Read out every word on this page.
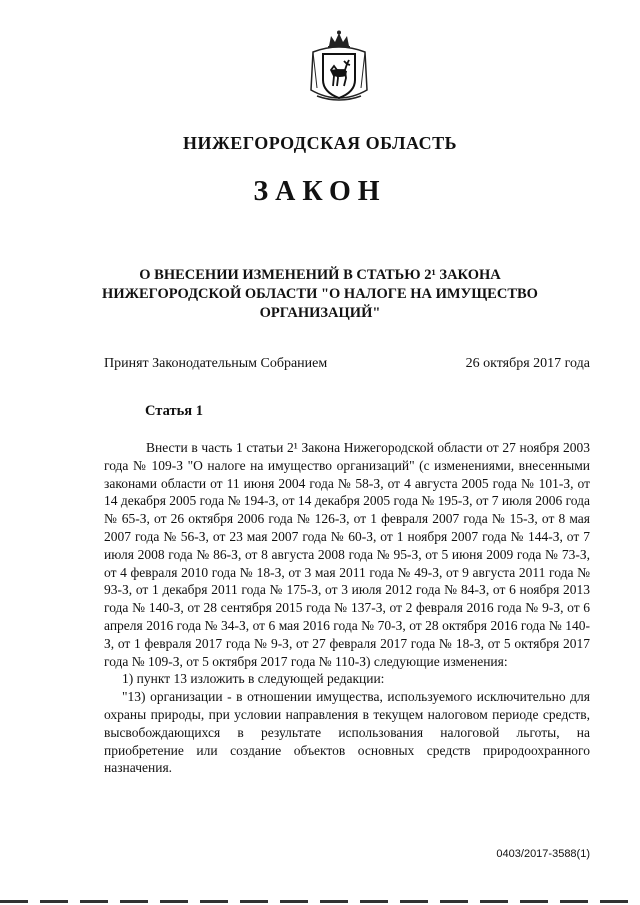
НИЖЕГОРОДСКАЯ ОБЛАСТЬ
ЗАКОН
О ВНЕСЕНИИ ИЗМЕНЕНИЙ В СТАТЬЮ 2¹ ЗАКОНА
НИЖЕГОРОДСКОЙ ОБЛАСТИ "О НАЛОГЕ НА ИМУЩЕСТВО
ОРГАНИЗАЦИЙ"
Принят Законодательным Собранием	26 октября 2017 года
Статья 1

Внести в часть 1 статьи 2¹ Закона Нижегородской области от 27 ноября 2003 года № 109-З "О налоге на имущество организаций" (с изменениями, внесенными законами области от 11 июня 2004 года № 58-З, от 4 августа 2005 года № 101-З, от 14 декабря 2005 года № 194-З, от 14 декабря 2005 года № 195-З, от 7 июля 2006 года № 65-З, от 26 октября 2006 года № 126-З, от 1 февраля 2007 года № 15-З, от 8 мая 2007 года № 56-З, от 23 мая 2007 года № 60-З, от 1 ноября 2007 года № 144-З, от 7 июля 2008 года № 86-З, от 8 августа 2008 года № 95-З, от 5 июня 2009 года № 73-З, от 4 февраля 2010 года № 18-З, от 3 мая 2011 года № 49-З, от 9 августа 2011 года № 93-З, от 1 декабря 2011 года № 175-З, от 3 июля 2012 года № 84-З, от 6 ноября 2013 года № 140-З, от 28 сентября 2015 года № 137-З, от 2 февраля 2016 года № 9-З, от 6 апреля 2016 года № 34-З, от 6 мая 2016 года № 70-З, от 28 октября 2016 года № 140-З, от 1 февраля 2017 года № 9-З, от 27 февраля 2017 года № 18-З, от 5 октября 2017 года № 109-З, от 5 октября 2017 года № 110-З) следующие изменения:

1) пункт 13 изложить в следующей редакции:

"13) организации - в отношении имущества, используемого исключительно для охраны природы, при условии направления в текущем налоговом периоде средств, высвобождающихся в результате использования налоговой льготы, на приобретение или создание объектов основных средств природоохранного назначения.

0403/2017-3588(1)
